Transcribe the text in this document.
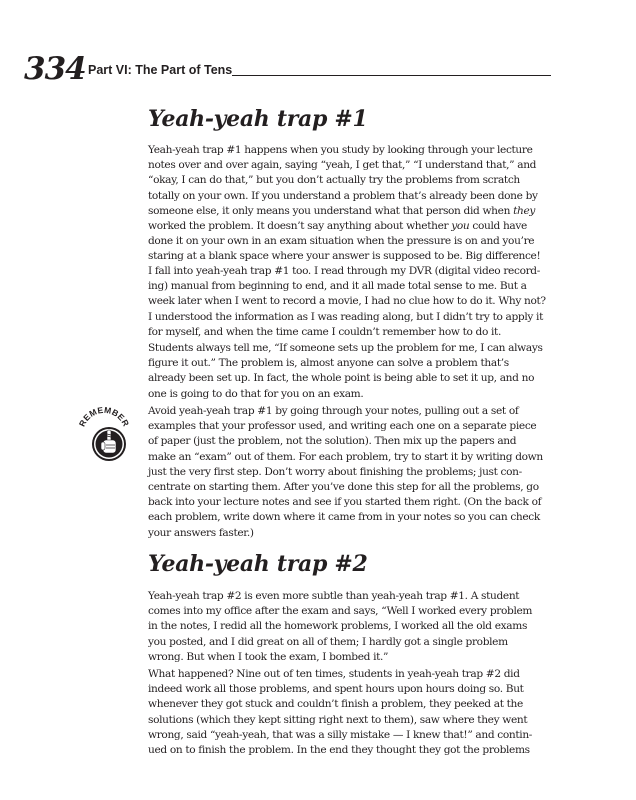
334 Part VI: The Part of Tens
Yeah-yeah trap #1

Yeah-yeah trap #1 happens when you study by looking through your lecture
notes over and over again, saying “yeah, I get that,” “I understand that,” and
“okay, I can do that,” but you don’t actually try the problems from scratch
totally on your own. If you understand a problem that’s already been done by
someone else, it only means you understand what that person did when they
worked the problem. It doesn’t say anything about whether you could have
done it on your own in an exam situation when the pressure is on and you’re
staring at a blank space where your answer is supposed to be. Big difference!

I fall into yeah-yeah trap #1 too. I read through my DVR (digital video record-
ing) manual from beginning to end, and it all made total sense to me. But a
week later when I went to record a movie, I had no clue how to do it. Why not?
I understood the information as I was reading along, but I didn’t try to apply it
for myself, and when the time came I couldn’t remember how to do it.

Students always tell me, “If someone sets up the problem for me, I can always
figure it out.” The problem is, almost anyone can solve a problem that’s
already been set up. In fact, the whole point is being able to set it up, and no
one is going to do that for you on an exam.

REMEMBER

Avoid yeah-yeah trap #1 by going through your notes, pulling out a set of
examples that your professor used, and writing each one on a separate piece
of paper (just the problem, not the solution). Then mix up the papers and
make an “exam” out of them. For each problem, try to start it by writing down
just the very first step. Don’t worry about finishing the problems; just con-
centrate on starting them. After you’ve done this step for all the problems, go
back into your lecture notes and see if you started them right. (On the back of
each problem, write down where it came from in your notes so you can check
your answers faster.)

Yeah-yeah trap #2

Yeah-yeah trap #2 is even more subtle than yeah-yeah trap #1. A student
comes into my office after the exam and says, “Well I worked every problem
in the notes, I redid all the homework problems, I worked all the old exams
you posted, and I did great on all of them; I hardly got a single problem
wrong. But when I took the exam, I bombed it.”

What happened? Nine out of ten times, students in yeah-yeah trap #2 did
indeed work all those problems, and spent hours upon hours doing so. But
whenever they got stuck and couldn’t finish a problem, they peeked at the
solutions (which they kept sitting right next to them), saw where they went
wrong, said “yeah-yeah, that was a silly mistake — I knew that!” and contin-
ued on to finish the problem. In the end they thought they got the problems
